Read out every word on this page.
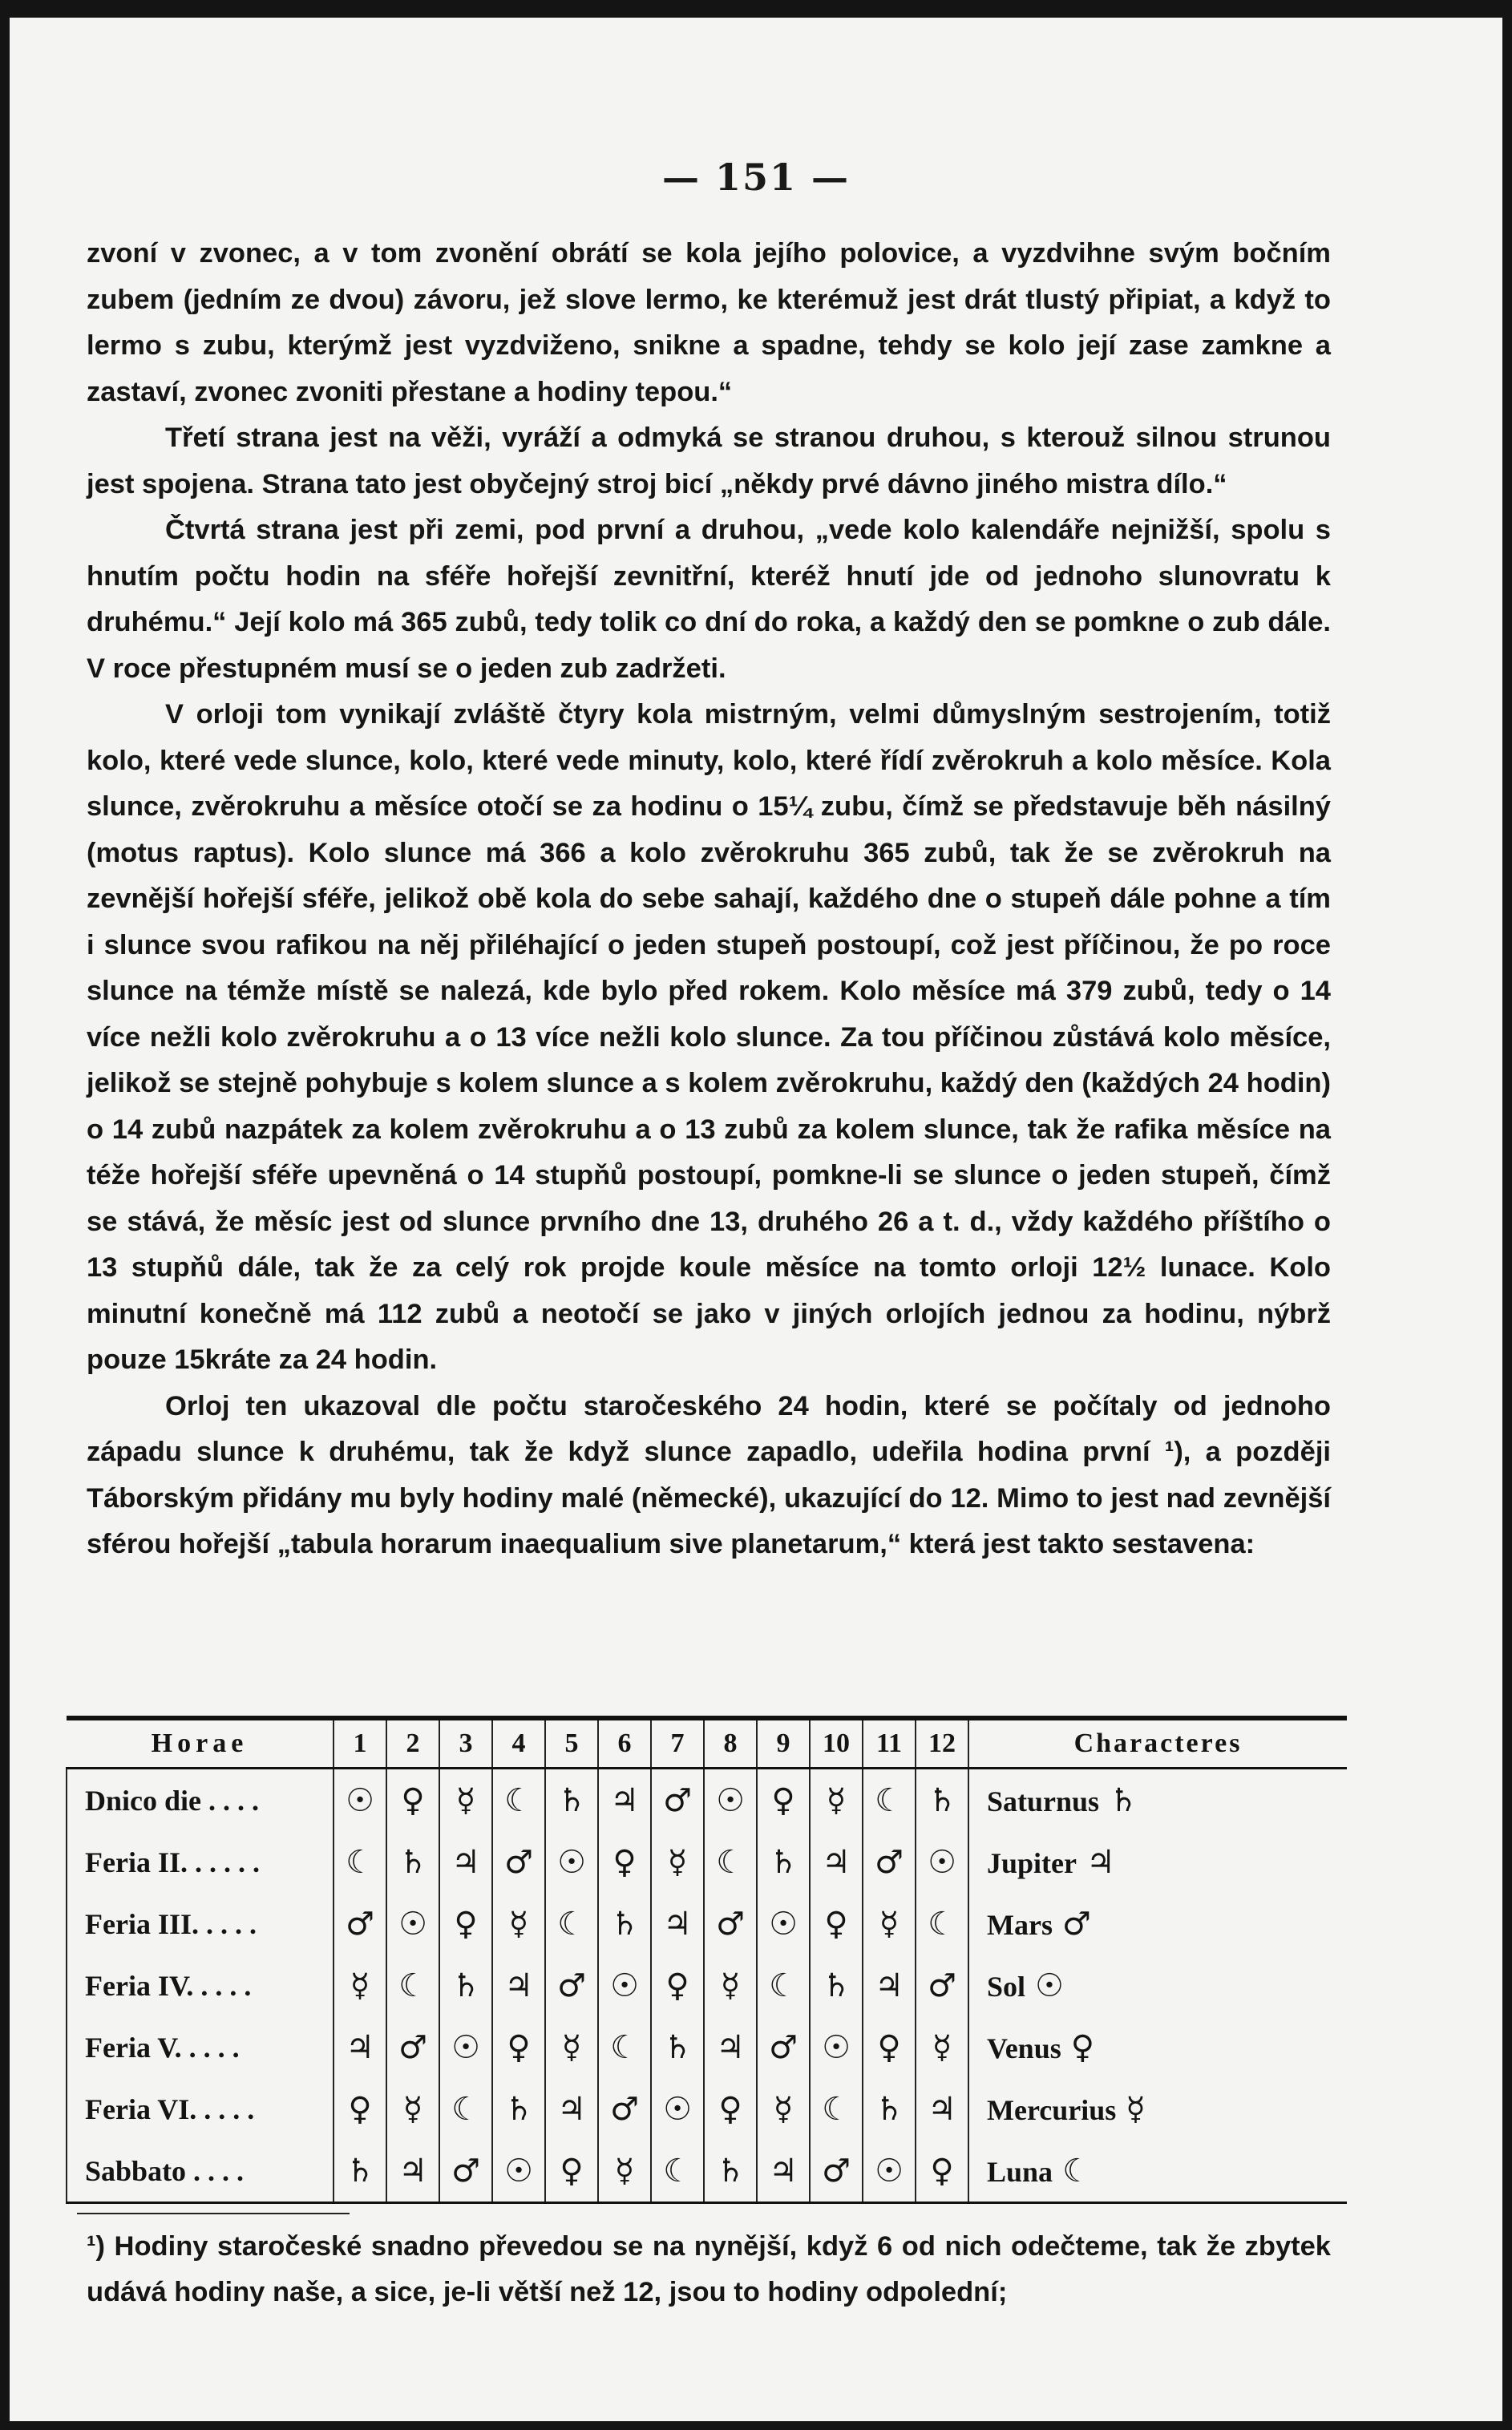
— 151 —

zvoní v zvonec, a v tom zvonění obrátí se kola jejího polovice, a vyzdvihne svým bočním zubem (jedním ze dvou) závoru, jež slove lermo, ke kterémuž jest drát tlustý připiat, a když to lermo s zubu, kterýmž jest vyzdviženo, snikne a spadne, tehdy se kolo její zase zamkne a zastaví, zvonec zvoniti přestane a hodiny tepou.“

Třetí strana jest na věži, vyráží a odmyká se stranou druhou, s kterouž silnou strunou jest spojena. Strana tato jest obyčejný stroj bicí „někdy prvé dávno jiného mistra dílo.“

Čtvrtá strana jest při zemi, pod první a druhou, „vede kolo kalendáře nejnižší, spolu s hnutím počtu hodin na sféře hořejší zevnitřní, kteréž hnutí jde od jednoho slunovratu k druhému.“ Její kolo má 365 zubů, tedy tolik co dní do roka, a každý den se pomkne o zub dále. V roce přestupném musí se o jeden zub zadržeti.

V orloji tom vynikají zvláště čtyry kola mistrným, velmi důmyslným sestrojením, totiž kolo, které vede slunce, kolo, které vede minuty, kolo, které řídí zvěrokruh a kolo měsíce. Kola slunce, zvěrokruhu a měsíce otočí se za hodinu o 15¼ zubu, čímž se představuje běh násilný (motus raptus). Kolo slunce má 366 a kolo zvěrokruhu 365 zubů, tak že se zvěrokruh na zevnější hořejší sféře, jelikož obě kola do sebe sahají, každého dne o stupeň dále pohne a tím i slunce svou rafikou na něj přiléhající o jeden stupeň postoupí, což jest příčinou, že po roce slunce na témže místě se nalezá, kde bylo před rokem. Kolo měsíce má 379 zubů, tedy o 14 více nežli kolo zvěrokruhu a o 13 více nežli kolo slunce. Za tou příčinou zůstává kolo měsíce, jelikož se stejně pohybuje s kolem slunce a s kolem zvěrokruhu, každý den (každých 24 hodin) o 14 zubů nazpátek za kolem zvěrokruhu a o 13 zubů za kolem slunce, tak že rafika měsíce na téže hořejší sféře upevněná o 14 stupňů postoupí, pomkne-li se slunce o jeden stupeň, čímž se stává, že měsíc jest od slunce prvního dne 13, druhého 26 a t. d., vždy každého příštího o 13 stupňů dále, tak že za celý rok projde koule měsíce na tomto orloji 12½ lunace. Kolo minutní konečně má 112 zubů a neotočí se jako v jiných orlojích jednou za hodinu, nýbrž pouze 15kráte za 24 hodin.

Orloj ten ukazoval dle počtu staročeského 24 hodin, které se počítaly od jednoho západu slunce k druhému, tak že když slunce zapadlo, udeřila hodina první ¹), a později Táborským přidány mu byly hodiny malé (německé), ukazující do 12. Mimo to jest nad zevnější sférou hořejší „tabula horarum inaequalium sive planetarum,“ která jest takto sestavena:

Horae	1	2	3	4	5	6	7	8	9	10	11	12	Characteres
Dnico die . . . .	☉	♀	☿	☾	♄	♃	♂	☉	♀	☿	☾	♄	Saturnus ♄
Feria II. . . . . .	☾	♄	♃	♂	☉	♀	☿	☾	♄	♃	♂	☉	Jupiter ♃
Feria III. . . . .	♂	☉	♀	☿	☾	♄	♃	♂	☉	♀	☿	☾	Mars ♂
Feria IV. . . . .	☿	☾	♄	♃	♂	☉	♀	☿	☾	♄	♃	♂	Sol ☉
Feria V. . . . .	♃	♂	☉	♀	☿	☾	♄	♃	♂	☉	♀	☿	Venus ♀
Feria VI. . . . .	♀	☿	☾	♄	♃	♂	☉	♀	☿	☾	♄	♃	Mercurius ☿
Sabbato . . . .	♄	♃	♂	☉	♀	☿	☾	♄	♃	♂	☉	♀	Luna ☾

¹) Hodiny staročeské snadno převedou se na nynější, když 6 od nich odečteme, tak že zbytek udává hodiny naše, a sice, je-li větší než 12, jsou to hodiny odpolední;
